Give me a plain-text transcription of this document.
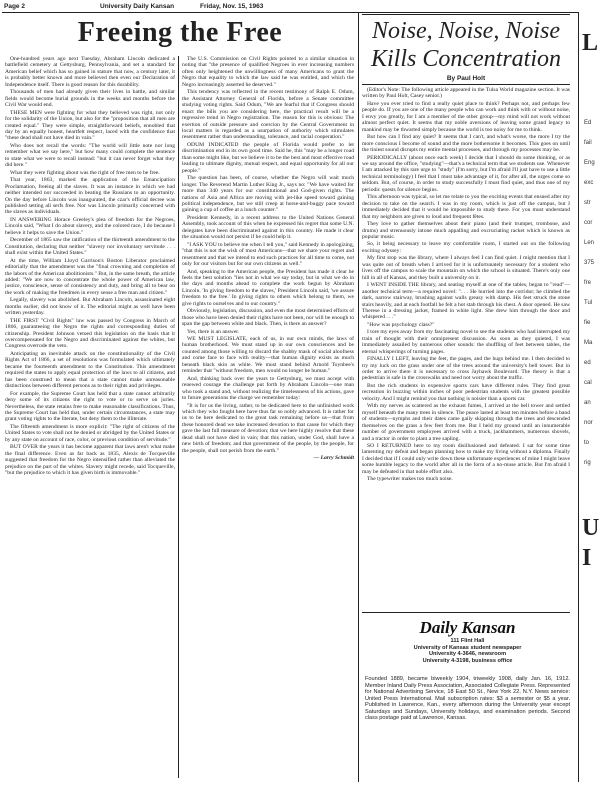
Page 2	University Daily Kansan	Friday, Nov. 15, 1963
Freeing the Free

One-hundred years ago next Tuesday, Abraham Lincoln dedicated a battlefield cemetery at Gettysburg, Pennsylvania, and set a standard for American belief which has so gained in stature that now, a century later, it is probably better known and more believed then even our Declaration of Independence itself. There is good reason for this durability.

Thousands of men had already given their lives in battle, and similar fields would become burial grounds in the weeks and months before the Civil War would end.

THESE MEN were fighting for what they believed was right, not only for the solidarity of the Union, but also for the "proposition that all men are created equal." They were simple, straightforward beliefs, ennobled that day by an equally honest, heartfelt respect, laced with the confidence that "these dead shall not have died in vain."

Who does not recall the words: "The world will little note nor long remember what we say here," but how many could complete the sentence to state what we were to recall instead: "but it can never forget what they did here."

What they were fighting about was the right of free men to be free.

That year, 1863, marked the application of the Emancipation Proclamation, freeing all the slaves. It was an instance in which we had neither intended nor succeeded in beating the Russians to an opportunity. On the day before Lincoln was inaugurated, the czar's official decree was published setting all serfs free. Nor was Lincoln primarily concerned with the slaves as individuals.

IN ANSWERING Horace Greeley's plea of freedom for the Negroes, Lincoln said, "What I do about slavery, and the colored race, I do because I believe it helps to save the Union."

December of 1865 saw the ratification of the thirteenth amendment to the Constitution, declaring that neither "slavery nor involuntary servitude . . . shall exist within the United States."

At the time, William Lloyd Garrison's Boston Liberator proclaimed editorially that the amendment was the "final crowning and completion of the labors of the American abolitionists." But, in the same breath, the article added: "We are now to concentrate the whole power of American law, justice, conscience, sense of consistency and duty, and bring all to bear on the work of making the freedmen in every sense a free man and citizen."

Legally, slavery was abolished. But Abraham Lincoln, assassinated eight months earlier, did not know of it. The editorial might as well have been written yesterday.

THE FIRST "Civil Rights" law was passed by Congress in March of 1866, guaranteeing the Negro the rights and corresponding duties of citizenship. President Johnson vetoed this legislation on the basis that it overcompensated for the Negro and discriminated against the whites, but Congress overrode the veto.

Anticipating an inevitable attack on the constitutionality of the Civil Rights Act of 1866, a set of resolutions was formulated which ultimately became the fourteenth amendment to the Constitution. This amendment required the states to apply equal protection of the laws to all citizens, and has been construed to mean that a state cannot make unreasonable distinctions between different persons as to their rights and privileges.

For example, the Supreme Court has held that a state cannot arbitrarily deny some of its citizens the right to vote or to serve on juries. Nevertheless, the state retains free to make reasonable classifications. Thus, the Supreme Court has held that, under certain circumstances, a state may grant voting rights to the literate, but deny them to the illiterate.

The fifteenth amendment is more explicit: "The right of citizens of the United States to vote shall not be denied or abridged by the United States or by any state on account of race, color, or previous condition of servitude."

BUT OVER the years it has become apparent that laws aren't what make the final difference. Even as far back as 1835, Alexis de Tocqueville suggested that freedom for the Negro intensified rather than alleviated the prejudice on the part of the whites. Slavery might recede, said Tocqueville, "but the prejudice to which it has given birth is immovable."

The U.S. Commission on Civil Rights pointed to a similar situation in noting that "the presence of qualified Negroes in ever increasing numbers often only heightened the unwillingness of many Americans to grant the Negro that equality to which the law said he was entitled, and which the Negro increasingly asserted he deserved."

This tendency was reflected in the recent testimony of Ralph E. Odum, the Assistant Attorney General of Florida, before a Senate committee studying voting rights. Said Odum, "We are fearful that if Congress should enact the bills you are considering here, the practical result will be a regressive trend in Negro registration. The reason for this is obvious: The exertion of outside pressure and coercion by the Central Government in local matters is regarded as a usurpation of authority which stimulates resentment rather than understanding, tolerance, and racial cooperation."

ODUM INDICATED the people of Florida would prefer to let discrimination end in its own good time. Said he, this "may be a longer road than some might like, but we believe it to be the best and most effective road leading to ultimate dignity, mutual respect, and equal opportunity for all our people."

The question has been, of course, whether the Negro will wait much longer. The Reverend Martin Luther King Jr., says no: "We have waited for more than 340 years for our constitutional and God-given rights. The nations of Asia and Africa are moving with jet-like speed toward gaining political independence, but we still creep at horse-and-buggy pace toward gaining a cup of coffee at a lunch counter."

President Kennedy, in a recent address to the United Nations General Assembly, took account of this when he expressed his regret that some U.N. delegates have been discriminated against in this country. He made it clear the situation would not persist if he could help it.

"I ASK YOU to believe me when I tell you," said Kennedy in apologizing, "that this is not the wish of most Americans—that we share your regret and resentment and that we intend to end such practices for all time to come, not only for our visitors but for our own citizens as well."

And, speaking to the American people, the President has made it clear he feels the best solution "lies not in what we say today, but in what we do in the days and months ahead to complete the work begun by Abraham Lincoln. 'In giving freedom to the slaves,' President Lincoln said, 'we assure freedom to the free.' In giving rights to others which belong to them, we give rights to ourselves and to our country."

Obviously, legislation, discussion, and even the most determined efforts of those who have been denied their rights have not been, nor will be enough to span the gap between white and black. Then, is there an answer?

Yes, there is an answer.

WE MUST LEGISLATE, each of us, in our own minds, the laws of human brotherhood. We must stand up in our own consciences and be counted among those willing to discard the shabby mask of social aloofness and come face to face with reality—that human dignity exists as much beneath black skin as white. We must stand behind Arnold Toynbee's reminder that "without freedom, men would no longer be human."

And, thinking back over the years to Gettysburg, we must accept with renewed courage the challenge put forth by Abraham Lincoln—one man who took a stand and, without realizing the timelessness of his actions, gave to future generations the charge we remember today:

"It is for us the living, rather, to be dedicated here to the unfinished work which they who fought here have thus far so nobly advanced. It is rather for us to be here dedicated to the great task remaining before us—that from these honored dead we take increased devotion to that cause for which they gave the last full measure of devotion; that we here highly resolve that these dead shall not have died in vain; that this nation, under God, shall have a new birth of freedom; and that government of the people, by the people, for the people, shall not perish from the earth."

— Larry Schmidt

Noise, Noise, Noise
Kills Concentration
By Paul Holt

(Editor's Note: The following article appeared in the Tulsa World magazine section. It was written by Paul Holt, Casey senior.)

Have you ever tried to find a really quiet place to think? Perhaps not, and perhaps few people do. If you are one of the many people who can work and think with or without noise, I envy you greatly, for I am a member of the other group—my mind will not work without almost perfect quiet. It seems that my noble aversions of leaving some grand legacy to mankind may be thwarted simply because the world is too noisy for me to think.

But how can I find any quiet? It seems that I can't, and what's worse, the more I try the more conscious I become of sound and the more bothersome it becomes. This goes on until the tiniest sound disrupts my entire mental processes, and through my processes may be.

PERIODICALLY (about once each week) I decide that I should do some thinking, or as we say around the office, "studying"—that's a technical term that we students use. Whenever I am attacked by this rare urge to "study" (I'm sorry, but I'm afraid I'll just have to use a little technical terminology) I feel that I must take advantage of it, for after all, the urges come so seldom. But, of course, in order to study successfully I must find quiet, and thus one of my periodic quests for silence begins.

This afternoon was typical, so let me relate to you the exciting events that ensued after my decision to take on the search. I was in my room, which is just off the campus, but I immediately decided that it would be impossible to study there. For you must understand that my neighbors are given to loud and frequent fêtes.

They love to gather themselves about their piano (and their trumpet, trombone, and drums) and strenuously intone much appalling and excruciating racket which is known as popular music.

So, it being necessary to leave my comfortable room, I started out on the following exciting odyssey:

My first stop was the library, where I always feel I can find quiet. I might mention that I was quite out of breath when I arrived for it is unfortunately necessary for a student who lives off the campus to scale the mountain on which the school is situated. There's only one hill in all of Kansas, and they built a university on it.

I WENT INSIDE THE library, and seating myself at one of the tables, began to "read"—another technical term—a required novel: ". . . He hurried into the corridor; he climbed the dark, narrow stairway, brushing against walls greasy with damp. His feet struck the stone stairs heavily, and at each footfall he felt a hot stab through his chest. A door opened. He saw Therese in a dressing jacket, framed in white light. She drew him through the door and whispered . . ."

"How was psychology class?"

I tore my eyes away from my fascinating novel to see the students who had interrupted my train of thought with their omnipresent discussion. As soon as they quieted, I was immediately assailed by numerous other sounds: the shuffling of feet between tables, the eternal whisperings of turning pages.

FINALLY I LEFT, leaving the feet, the pages, and the hugs behind me. I then decided to try my luck on the grass under one of the trees around the university's bell tower. But in order to arrive there it is necessary to cross Jayhawk Boulevard. The theory is that a pedestrian is safe in the crosswalks and need not worry about the traffic.

But the rich students in expensive sports cars have different rules. They find great recreation in buzzing within inches of poor pedestrian students with the greatest possible velocity. And I might remind you that nothing is noisier than a sports car.

With my nerves as scattered as the exhaust fumes, I arrived at the bell tower and settled myself beneath the many trees in silence. The peace lasted at least ten minutes before a band of students—nymphs and their dates came gaily skipping through the trees and descended themselves on the grass a few feet from me. But I held my ground until an innumerable number of government employees arrived with a truck, jackhammers, numerous shovels, and a tractor in order to plant a tree sapling.

SO I RETURNED here to my room disillusioned and defeated. I sat for some time lamenting my defeat and began planning how to make my living without a diploma. Finally I decided that if I could only write down these unfortunate experiences of mine I might leave some humble legacy to the world after all in the form of a no-muse article. But I'm afraid I may be defeated in that noble effort also.

The typewriter makes too much noise.

Daily Kansan
111 Flint Hall
University of Kansas student newspaper
University 4-3646, newsroom
University 4-3198, business office
Founded 1889, became biweekly 1904, triweekly 1908, daily Jan. 16, 1912. Member Inland Daily Press Association, Associated Collegiate Press. Represented for National Advertising Service, 18 East 50 St., New York 22, N.Y. News service: United Press International. Mail subscription rates: $3 a semester or $5 a year. Published in Lawrence, Kan., every afternoon during the University year except Saturdays and Sundays, University holidays, and examination periods. Second class postage paid at Lawrence, Kansas.
L
U
I
Ed
fail
Eng
exc
str
cor
Len
375
fre
Tul
fie
Ma
ed
cal
an
nor
to
rig
